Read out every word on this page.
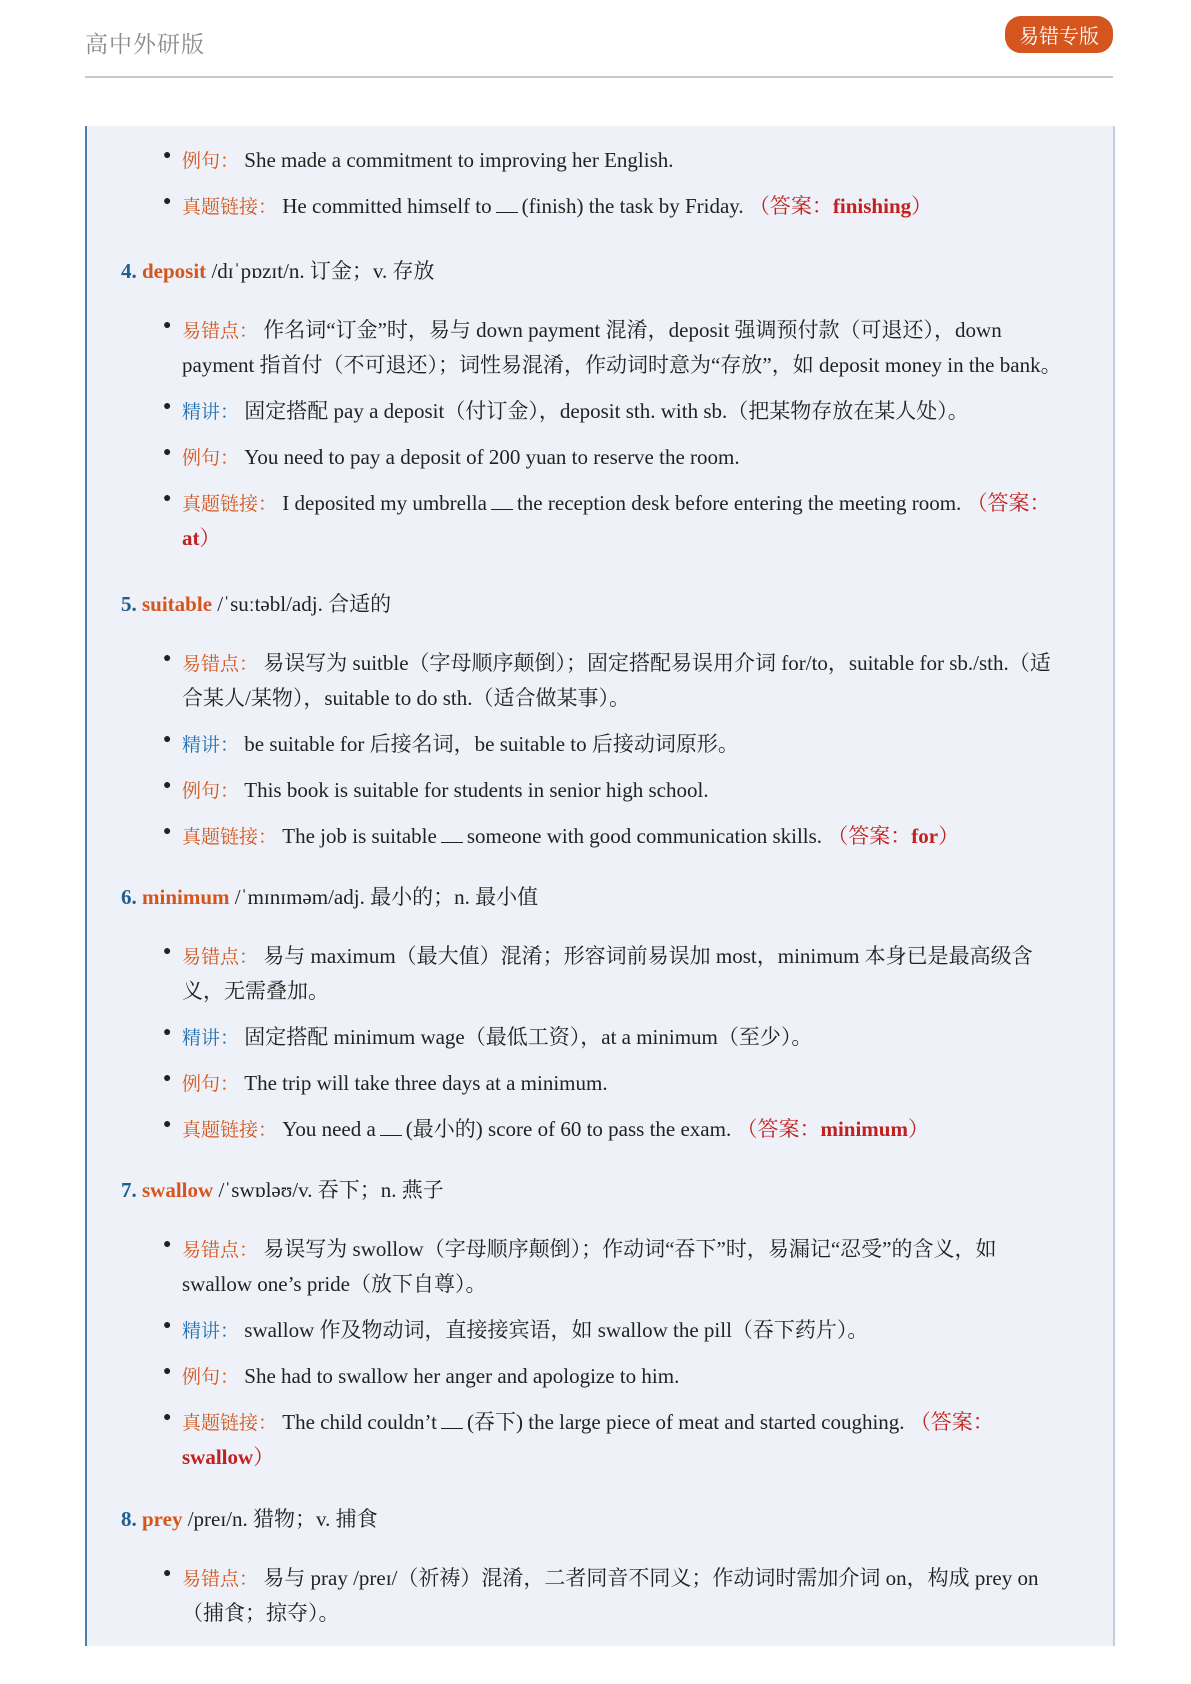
高中外研版	易错专版
● 例句： She made a commitment to improving her English.
● 真题链接： He committed himself to (finish) the task by Friday. （答案：finishing）
4. deposit /dɪˈpɒzɪt/n. 订金；v. 存放
● 易错点： 作名词“订金”时，易与 down payment 混淆，deposit 强调预付款（可退还），down
payment 指首付（不可退还）；词性易混淆，作动词时意为“存放”，如 deposit money in the bank。
● 精讲： 固定搭配 pay a deposit（付订金），deposit sth. with sb.（把某物存放在某人处）。
● 例句： You need to pay a deposit of 200 yuan to reserve the room.
● 真题链接： I deposited my umbrella the reception desk before entering the meeting room. （答案：
at）
5. suitable /ˈsuːtəbl/adj. 合适的
● 易错点： 易误写为 suitble（字母顺序颠倒）；固定搭配易误用介词 for/to，suitable for sb./sth.（适
合某人/某物），suitable to do sth.（适合做某事）。
● 精讲： be suitable for 后接名词，be suitable to 后接动词原形。
● 例句： This book is suitable for students in senior high school.
● 真题链接： The job is suitable someone with good communication skills. （答案：for）
6. minimum /ˈmɪnɪməm/adj. 最小的；n. 最小值
● 易错点： 易与 maximum（最大值）混淆；形容词前易误加 most，minimum 本身已是最高级含
义，无需叠加。
● 精讲： 固定搭配 minimum wage（最低工资），at a minimum（至少）。
● 例句： The trip will take three days at a minimum.
● 真题链接： You need a (最小的) score of 60 to pass the exam. （答案：minimum）
7. swallow /ˈswɒləʊ/v. 吞下；n. 燕子
● 易错点： 易误写为 swollow（字母顺序颠倒）；作动词“吞下”时，易漏记“忍受”的含义，如
swallow one’s pride（放下自尊）。
● 精讲： swallow 作及物动词，直接接宾语，如 swallow the pill（吞下药片）。
● 例句： She had to swallow her anger and apologize to him.
● 真题链接： The child couldn’t (吞下) the large piece of meat and started coughing. （答案：
swallow）
8. prey /preɪ/n. 猎物；v. 捕食
● 易错点： 易与 pray /preɪ/（祈祷）混淆，二者同音不同义；作动词时需加介词 on，构成 prey on
（捕食；掠夺）。
